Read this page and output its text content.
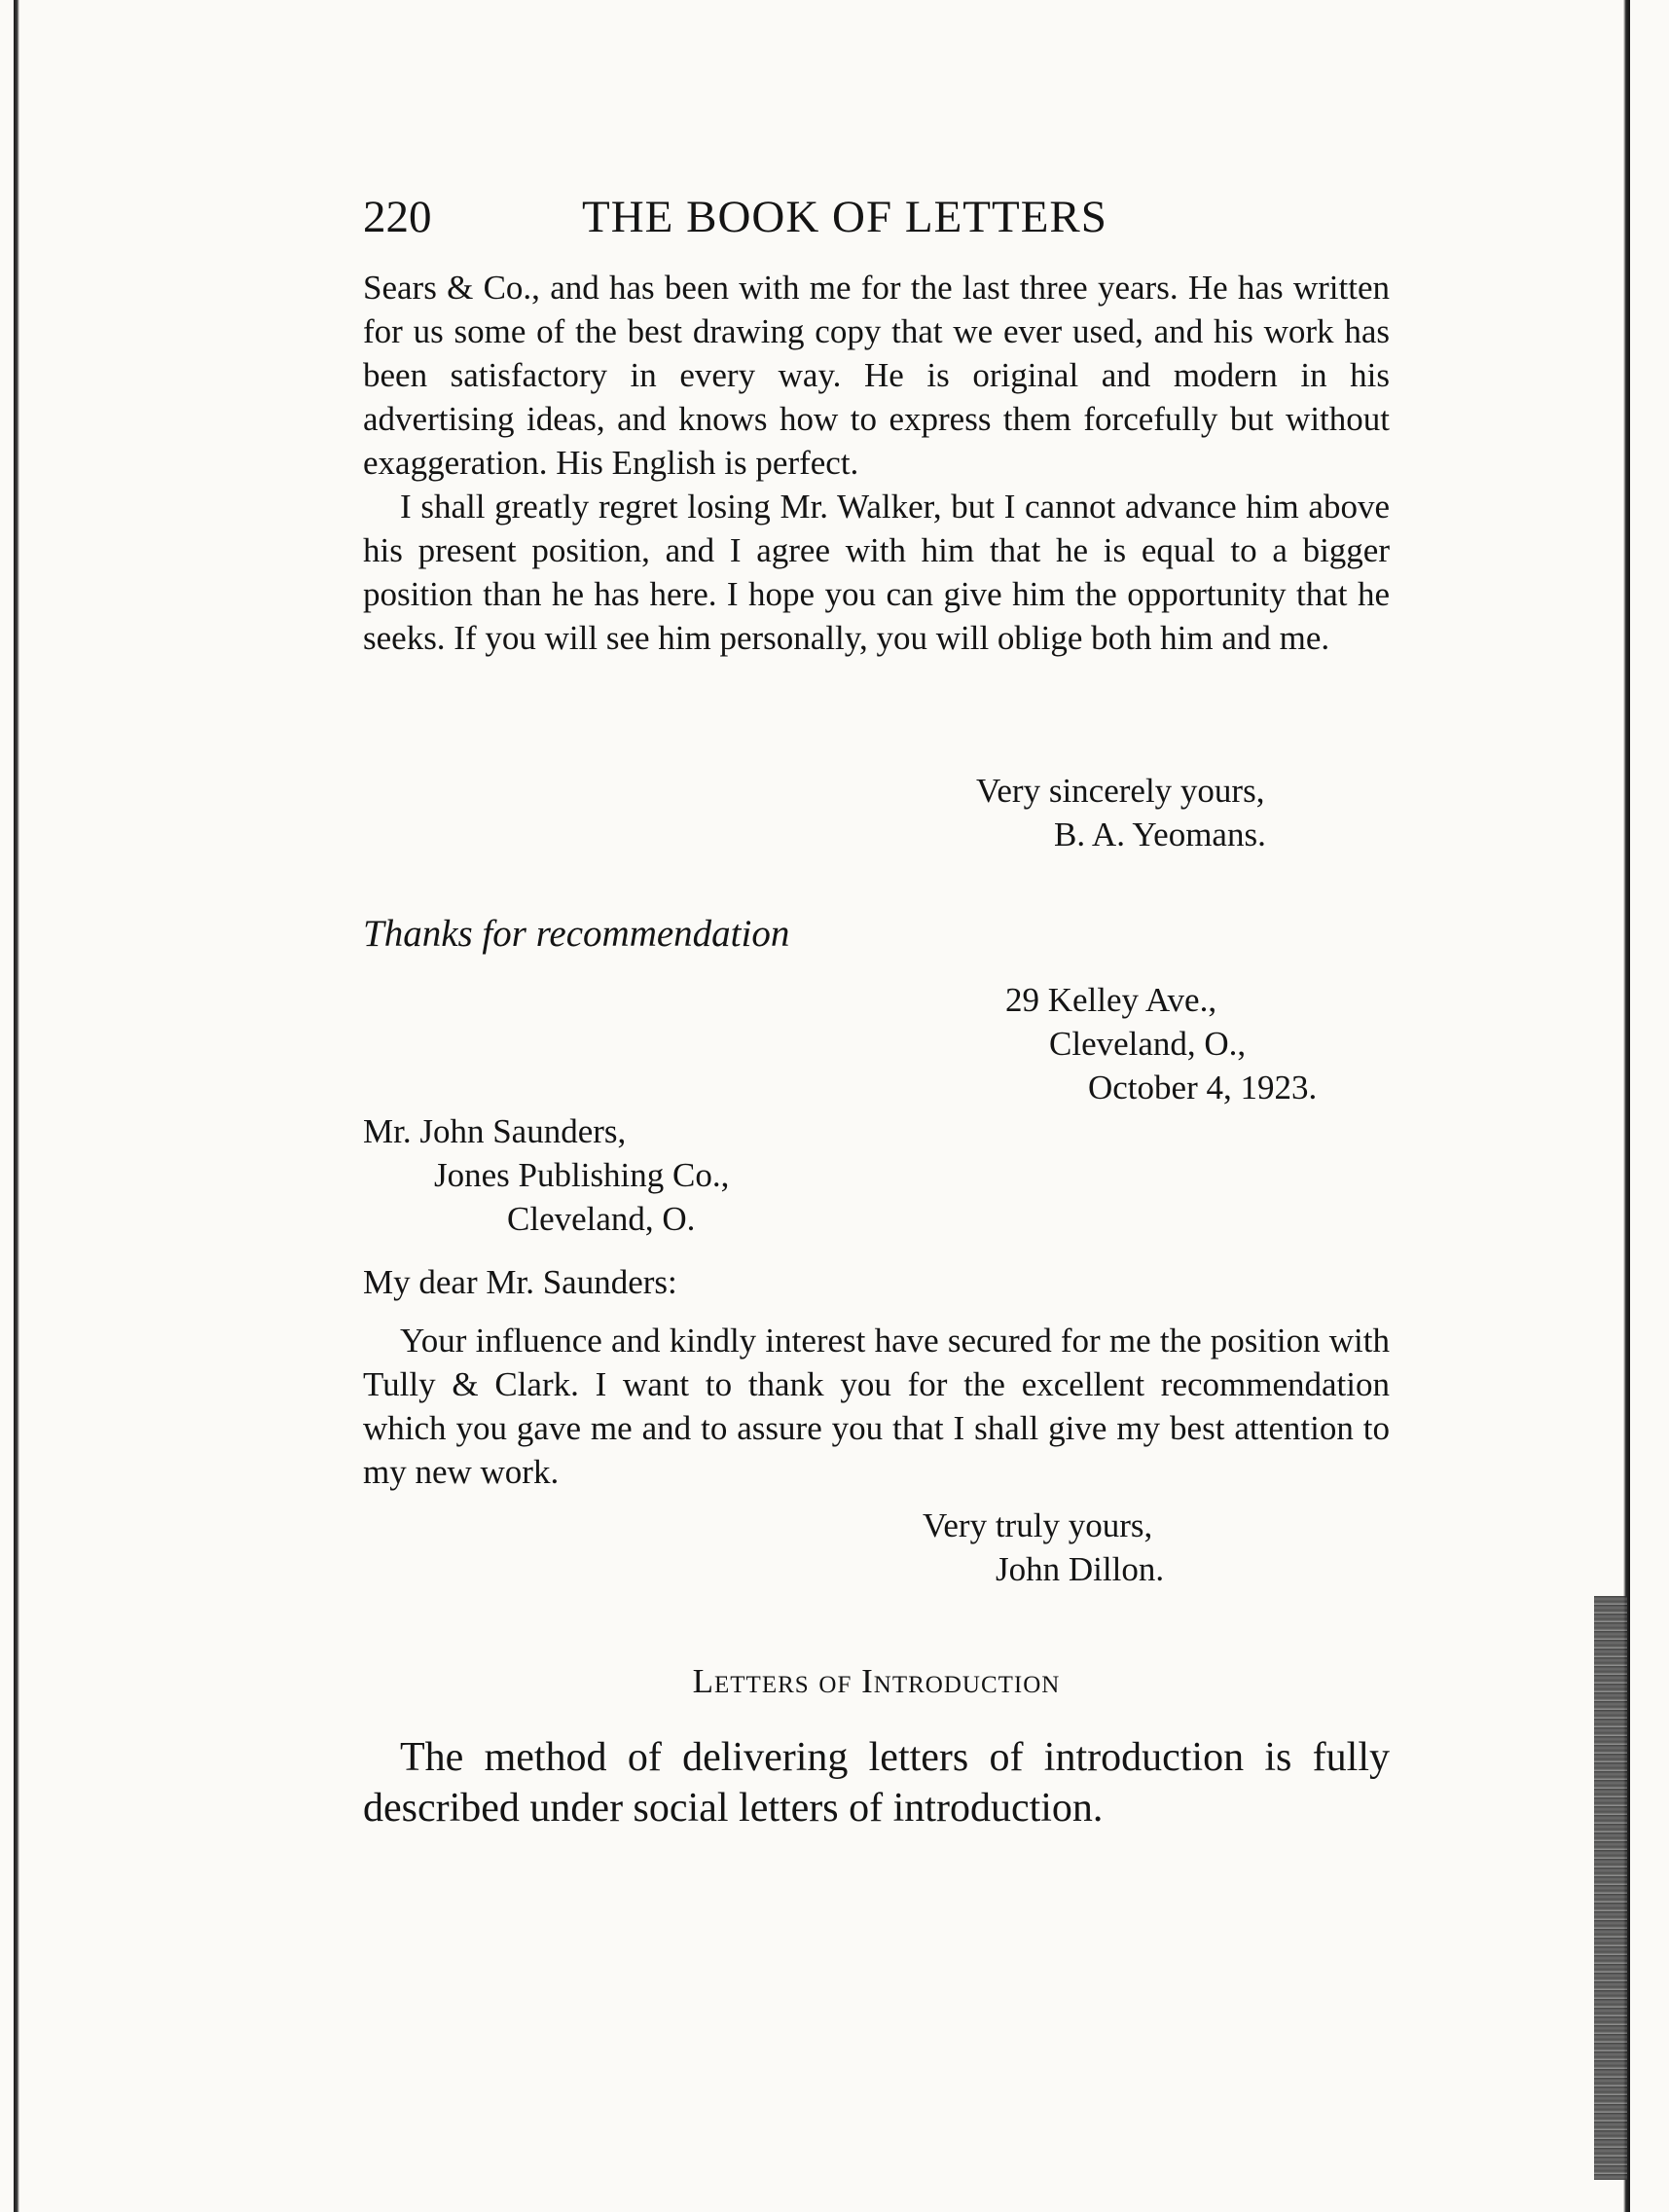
220	THE BOOK OF LETTERS

Sears & Co., and has been with me for the last three years. He has written for us some of the best drawing copy that we ever used, and his work has been satisfactory in every way. He is original and modern in his advertising ideas, and knows how to express them forcefully but without exaggeration. His English is perfect.

I shall greatly regret losing Mr. Walker, but I cannot advance him above his present position, and I agree with him that he is equal to a bigger position than he has here. I hope you can give him the opportunity that he seeks. If you will see him personally, you will oblige both him and me.

Very sincerely yours,
B. A. Yeomans.
Thanks for recommendation
29 Kelley Ave.,
Cleveland, O.,
October 4, 1923.
Mr. John Saunders,
Jones Publishing Co.,
Cleveland, O.
My dear Mr. Saunders:

Your influence and kindly interest have secured for me the position with Tully & Clark. I want to thank you for the excellent recommendation which you gave me and to assure you that I shall give my best attention to my new work.

Very truly yours,
John Dillon.
Letters of Introduction

The method of delivering letters of introduction is fully described under social letters of introduction.
